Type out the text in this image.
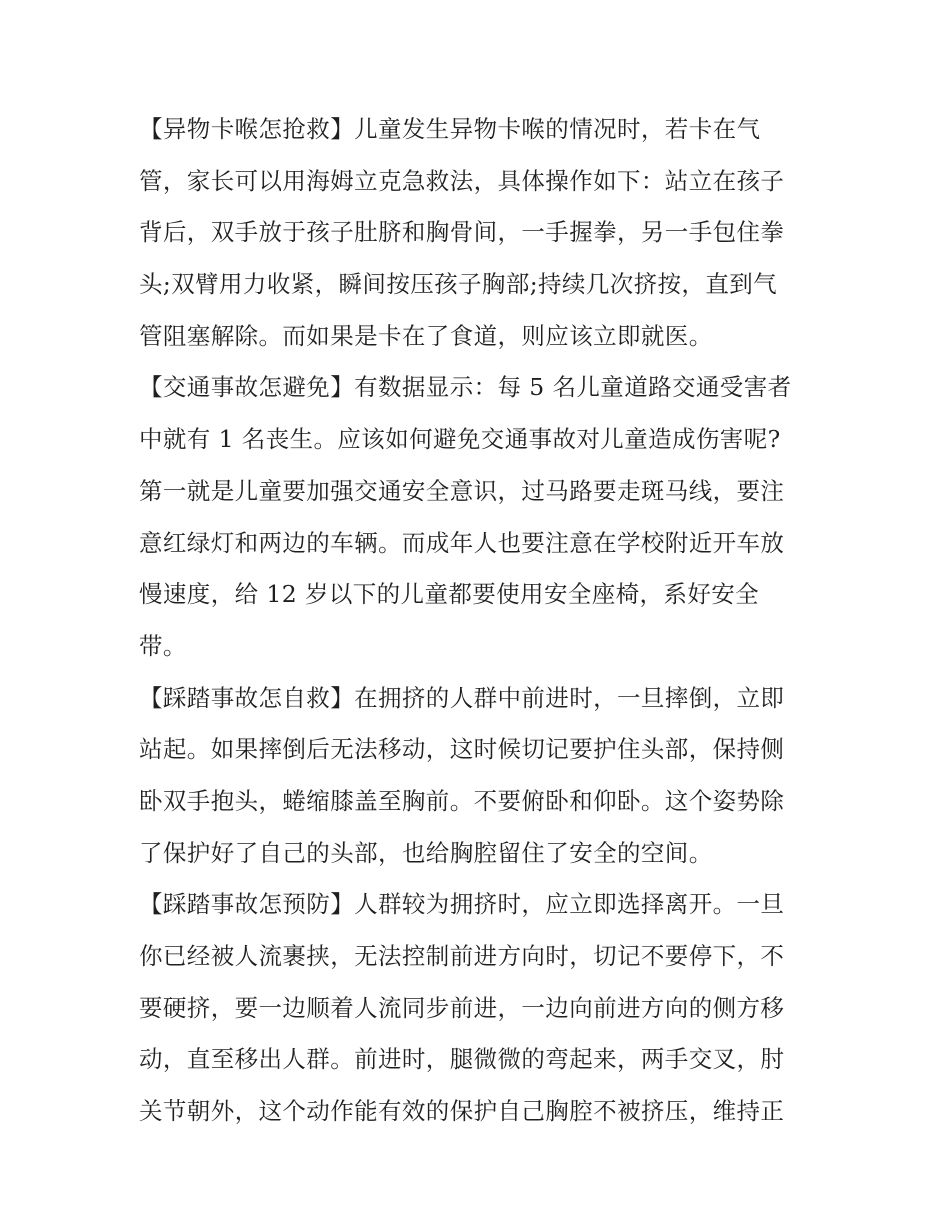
【异物卡喉怎抢救】儿童发生异物卡喉的情况时，若卡在气
管，家长可以用海姆立克急救法，具体操作如下：站立在孩子
背后，双手放于孩子肚脐和胸骨间，一手握拳，另一手包住拳
头;双臂用力收紧，瞬间按压孩子胸部;持续几次挤按，直到气
管阻塞解除。而如果是卡在了食道，则应该立即就医。
【交通事故怎避免】有数据显示：每 5 名儿童道路交通受害者
中就有 1 名丧生。应该如何避免交通事故对儿童造成伤害呢?
第一就是儿童要加强交通安全意识，过马路要走斑马线，要注
意红绿灯和两边的车辆。而成年人也要注意在学校附近开车放
慢速度，给 12 岁以下的儿童都要使用安全座椅，系好安全
带。
【踩踏事故怎自救】在拥挤的人群中前进时，一旦摔倒，立即
站起。如果摔倒后无法移动，这时候切记要护住头部，保持侧
卧双手抱头，蜷缩膝盖至胸前。不要俯卧和仰卧。这个姿势除
了保护好了自己的头部，也给胸腔留住了安全的空间。
【踩踏事故怎预防】人群较为拥挤时，应立即选择离开。一旦
你已经被人流裹挟，无法控制前进方向时，切记不要停下，不
要硬挤，要一边顺着人流同步前进，一边向前进方向的侧方移
动，直至移出人群。前进时，腿微微的弯起来，两手交叉，肘
关节朝外，这个动作能有效的保护自己胸腔不被挤压，维持正
